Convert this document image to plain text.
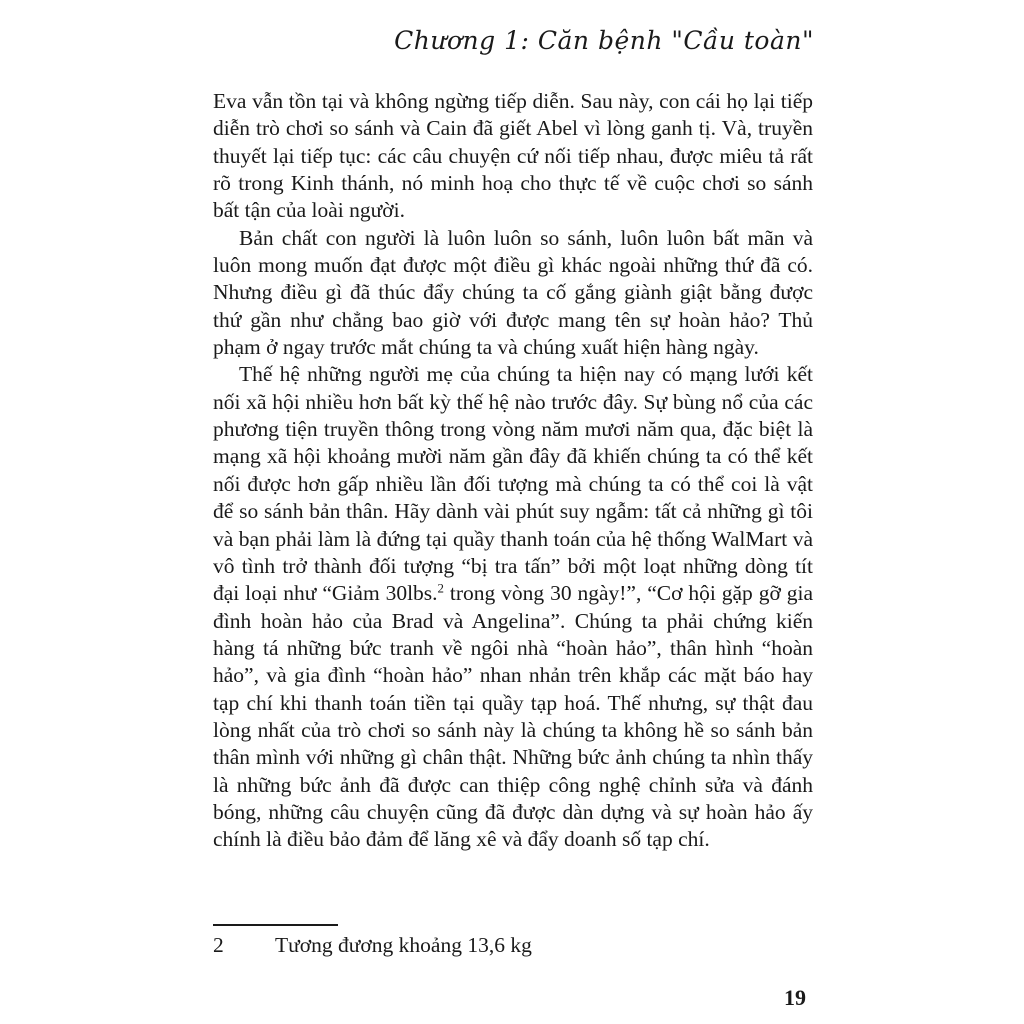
Chương 1: Căn bệnh "Cầu toàn"

Eva vẫn tồn tại và không ngừng tiếp diễn. Sau này, con cái họ lại tiếp diễn trò chơi so sánh và Cain đã giết Abel vì lòng ganh tị. Và, truyền thuyết lại tiếp tục: các câu chuyện cứ nối tiếp nhau, được miêu tả rất rõ trong Kinh thánh, nó minh hoạ cho thực tế về cuộc chơi so sánh bất tận của loài người.

Bản chất con người là luôn luôn so sánh, luôn luôn bất mãn và luôn mong muốn đạt được một điều gì khác ngoài những thứ đã có. Nhưng điều gì đã thúc đẩy chúng ta cố gắng giành giật bằng được thứ gần như chẳng bao giờ với được mang tên sự hoàn hảo? Thủ phạm ở ngay trước mắt chúng ta và chúng xuất hiện hàng ngày.

Thế hệ những người mẹ của chúng ta hiện nay có mạng lưới kết nối xã hội nhiều hơn bất kỳ thế hệ nào trước đây. Sự bùng nổ của các phương tiện truyền thông trong vòng năm mươi năm qua, đặc biệt là mạng xã hội khoảng mười năm gần đây đã khiến chúng ta có thể kết nối được hơn gấp nhiều lần đối tượng mà chúng ta có thể coi là vật để so sánh bản thân. Hãy dành vài phút suy ngẫm: tất cả những gì tôi và bạn phải làm là đứng tại quầy thanh toán của hệ thống WalMart và vô tình trở thành đối tượng “bị tra tấn” bởi một loạt những dòng tít đại loại như “Giảm 30lbs.$^2$ trong vòng 30 ngày!”, “Cơ hội gặp gỡ gia đình hoàn hảo của Brad và Angelina”. Chúng ta phải chứng kiến hàng tá những bức tranh về ngôi nhà “hoàn hảo”, thân hình “hoàn hảo”, và gia đình “hoàn hảo” nhan nhản trên khắp các mặt báo hay tạp chí khi thanh toán tiền tại quầy tạp hoá. Thế nhưng, sự thật đau lòng nhất của trò chơi so sánh này là chúng ta không hề so sánh bản thân mình với những gì chân thật. Những bức ảnh chúng ta nhìn thấy là những bức ảnh đã được can thiệp công nghệ chỉnh sửa và đánh bóng, những câu chuyện cũng đã được dàn dựng và sự hoàn hảo ấy chính là điều bảo đảm để lăng xê và đẩy doanh số tạp chí.

2 Tương đương khoảng 13,6 kg
19
